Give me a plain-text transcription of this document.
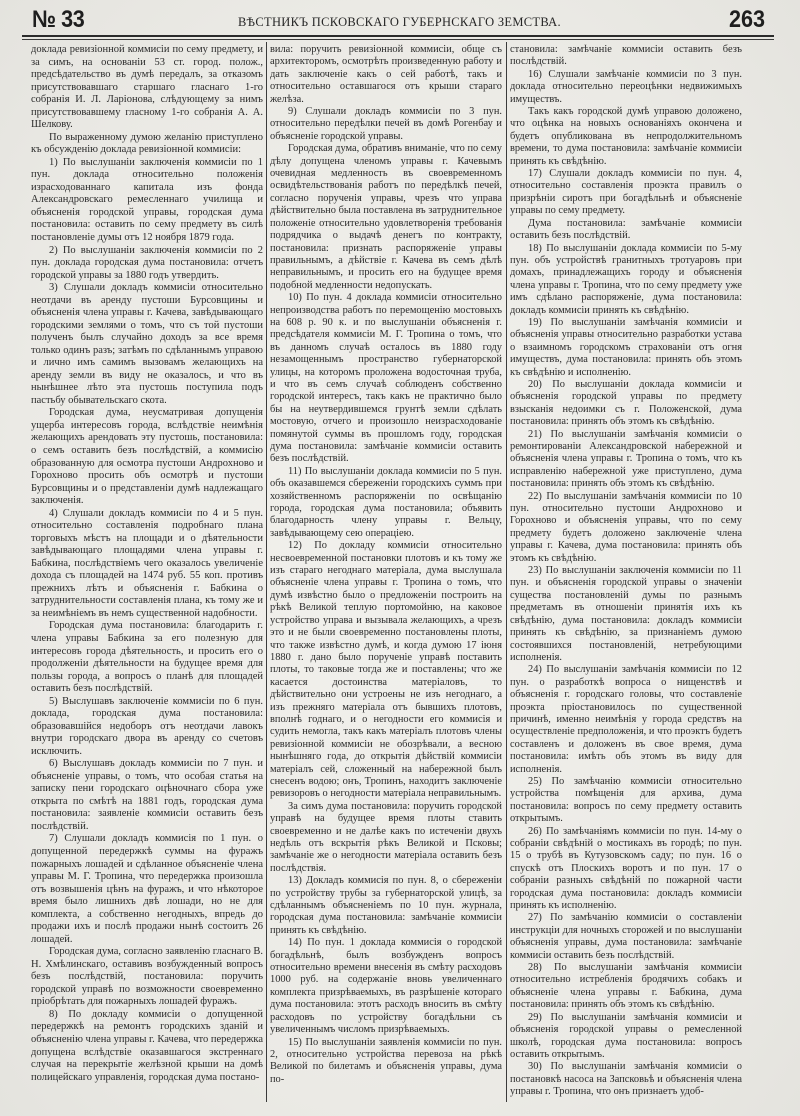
№ 33	ВѢСТНИКЪ ПСКОВСКАГО ГУБЕРНСКАГО ЗЕМСТВА.	263

доклада ревизіонной коммисіи по сему предмету, и за симъ, на основаніи 53 ст. город. полож., предсѣдательство въ думѣ передалъ, за отказомъ присутствовавшаго старшаго гласнаго 1-го собранія И. Л. Ларіонова, слѣдующему за нимъ присутствовавшему гласному 1-го собранія А. А. Шелкову.

По выраженному думою желанію приступлено къ обсужденію доклада ревизіонной коммисіи:

1) По выслушаніи заключенія коммисіи по 1 пун. доклада относительно положенія израсходованнаго капитала изъ фонда Александровскаго ремесленнаго училища и объясненія городской управы, городская дума постановила: оставить по сему предмету въ силѣ постановленіе думы отъ 12 ноября 1879 года.

2) По выслушаніи заключенія коммисіи по 2 пун. доклада городская дума постановила: отчетъ городской управы за 1880 годъ утвердить.

3) Слушали докладъ коммисіи относительно неотдачи въ аренду пустоши Бурсовщины и объясненія члена управы г. Качева, завѣдывающаго городскими землями о томъ, что съ той пустоши полученъ былъ случайно доходъ за все время только одинъ разъ; затѣмъ по сдѣланнымъ управою и лично имъ самимъ вызовамъ желающихъ на аренду земли въ виду не оказалось, и что въ нынѣшнее лѣто эта пустошь поступила подъ пастьбу обывательскаго скота.

Городская дума, неусматривая допущенія ущерба интересовъ города, вслѣдствіе неимѣнія желающихъ арендовать эту пустошь, постановила: о семъ оставить безъ послѣдствій, а коммисію образованную для осмотра пустоши Андрохново и Горохново просить объ осмотрѣ и пустоши Бурсовщины и о представленіи думѣ надлежащаго заключенія.

4) Слушали докладъ коммисіи по 4 и 5 пун. относительно составленія подробнаго плана торговыхъ мѣстъ на площади и о дѣятельности завѣдывающаго площадями члена управы г. Бабкина, послѣдствіемъ чего оказалось увеличеніе дохода съ площадей на 1474 руб. 55 коп. противъ прежнихъ лѣтъ и объясненія г. Бабкина о затруднительности составленія плана, къ тому же и за неимѣніемъ въ немъ существенной надобности.

Городская дума постановила: благодарить г. члена управы Бабкина за его полезную для интересовъ города дѣятельность, и просить его о продолженіи дѣятельности на будущее время для пользы города, а вопросъ о планѣ для площадей оставить безъ послѣдствій.

5) Выслушавъ заключеніе коммисіи по 6 пун. доклада, городская дума постановила: образовавшійся недоборъ отъ неотдачи лавокъ внутри городскаго двора въ аренду со счетовъ исключить.

6) Выслушавъ докладъ коммисіи по 7 пун. и объясненіе управы, о томъ, что особая статья на записку пени городскаго оцѣночнаго сбора уже открыта по смѣтѣ на 1881 годъ, городская дума постановила: заявленіе коммисіи оставить безъ послѣдствій.

7) Слушали докладъ коммисія по 1 пун. о допущенной передержкѣ суммы на фуражъ пожарныхъ лошадей и сдѣланное объясненіе члена управы М. Г. Тропина, что передержка произошла отъ возвышенія цѣнъ на фуражъ, и что нѣкоторое время было лишнихъ двѣ лошади, но не для комплекта, а собственно негодныхъ, впредь до продажи ихъ и послѣ продажи нынѣ состоитъ 26 лошадей.

Городская дума, согласно заявленію гласнаго В. Н. Хмѣлинскаго, оставивъ возбужденный вопросъ безъ послѣдствій, постановила: поручить городской управѣ по возможности своевременно пріобрѣтать для пожарныхъ лошадей фуражъ.

8) По докладу коммисіи о допущенной передержкѣ на ремонтъ городскихъ зданій и объясненію члена управы г. Качева, что передержка допущена вслѣдствіе оказавшагося экстреннаго случая на перекрытіе желѣзной крыши на домѣ полицейскаго управленія, городская дума постано-

вила: поручить ревизіонной коммисіи, обще съ архитекторомъ, осмотрѣть произведенную работу и дать заключеніе какъ о сей работѣ, такъ и относительно оставшагося отъ крыши стараго желѣза.

9) Слушали докладъ коммисіи по 3 пун. относительно передѣлки печей въ домѣ Рогенбау и объясненіе городской управы.

Городская дума, обративъ вниманіе, что по сему дѣлу допущена членомъ управы г. Качевымъ очевидная медленность въ своевременномъ освидѣтельствованія работъ по передѣлкѣ печей, согласно порученія управы, чрезъ что управа дѣйствительно была поставлена въ затруднительное положеніе относительно удовлетворенія требованія подрядчика о выдачѣ денегъ по контракту, постановила: признать распоряженіе управы правильнымъ, а дѣйствіе г. Качева въ семъ дѣлѣ неправильнымъ, и просить его на будущее время подобной медленности недопускать.

10) По пун. 4 доклада коммисіи относительно непроизводства работъ по перемощенію мостовыхъ на 608 р. 90 к. и по выслушаніи объясненія г. предсѣдателя коммисіи М. Г. Тропина о томъ, что въ данномъ случаѣ осталось въ 1880 году незамощеннымъ пространство губернаторской улицы, на которомъ проложена водосточная труба, и что въ семъ случаѣ соблюденъ собственно городской интересъ, такъ какъ не практично было бы на неутвердившемся грунтѣ земли сдѣлать мостовую, отчего и произошло неизрасходованіе помянутой суммы въ прошломъ году, городская дума постановила: замѣчаніе коммисіи оставить безъ послѣдствій.

11) По выслушаніи доклада коммисіи по 5 пун. объ оказавшемся сбереженіи городскихъ суммъ при хозяйственномъ распоряженіи по освѣщанію города, городская дума постановила; объявить благодарность члену управы г. Вельцу, завѣдывающему сею операціею.

12) По докладу коммисіи относительно несвоевременной постановки плотовъ и къ тому же изъ стараго негоднаго матеріала, дума выслушала объясненіе члена управы г. Тропина о томъ, что думѣ извѣстно было о предложеніи построить на рѣкѣ Великой теплую портомойню, на каковое устройство управа и вызывала желающихъ, а чрезъ это и не были своевременно постановлены плоты, что также извѣстно думѣ, и когда думою 17 іюня 1880 г. дано было порученіе управѣ поставить плоты, то таковые тогда же и поставлены; что же касается достоинства матеріаловъ, то дѣйствительно они устроены не изъ негоднаго, а изъ прежняго матеріала отъ бывшихъ плотовъ, вполнѣ годнаго, и о негодности его коммисія и судить немогла, такъ какъ матеріалъ плотовъ члены ревизіонной коммисіи не обозрѣвали, а весною нынѣшняго года, до открытія дѣйствій коммисіи матеріалъ сей, сложенный на набережной былъ снесенъ водою; онъ, Тропинъ, находитъ заключеніе ревизоровъ о негодности матеріала неправильнымъ.

За симъ дума постановила: поручить городской управѣ на будущее время плоты ставить своевременно и не далѣе какъ по истеченіи двухъ недѣль отъ вскрытія рѣкъ Великой и Псковы; замѣчаніе же о негодности матеріала оставить безъ послѣдствія.

13) Докладъ коммисія по пун. 8, о сбереженіи по устройству трубы за губернаторской улицѣ, за сдѣланнымъ объясненіемъ по 10 пун. журнала, городская дума постановила: замѣчаніе коммисіи принять къ свѣдѣнію.

14) По пун. 1 доклада коммисія о городской богадѣльнѣ, былъ возбужденъ вопросъ относительно времени внесенія въ смѣту расходовъ 1000 руб. на содержаніе вновь увеличеннаго комплекта призрѣваемыхъ, въ разрѣшеніе котораго дума постановила: этотъ расходъ вносить въ смѣту расходовъ по устройству богадѣльни съ увеличеннымъ числомъ призрѣваемыхъ.

15) По выслушаніи заявленія коммисіи по пун. 2, относительно устройства перевоза на рѣкѣ Великой по билетамъ и объясненія управы, дума по-

становила: замѣчаніе коммисіи оставить безъ послѣдствій.

16) Слушали замѣчаніе коммисіи по 3 пун. доклада относительно переоцѣнки недвижимыхъ имуществъ.

Такъ какъ городской думѣ управою доложено, что оцѣнка на новыхъ основаніяхъ окончена и будетъ опубликована въ непродолжительномъ времени, то дума постановила: замѣчаніе коммисіи принять къ свѣдѣнію.

17) Слушали докладъ коммисіи по пун. 4, относительно составленія проэкта правилъ о призрѣніи сиротъ при богадѣльнѣ и объясненіе управы по сему предмету.

Дума постановила: замѣчаніе коммисіи оставить безъ послѣдствій.

18) По выслушаніи доклада коммисіи по 5-му пун. объ устройствѣ гранитныхъ тротуаровъ при домахъ, принадлежащихъ городу и объясненія члена управы г. Тропина, что по сему предмету уже имъ сдѣлано распоряженіе, дума постановила: докладъ коммисіи принять къ свѣдѣнію.

19) По выслушаніи замѣчанія коммисіи и объясненія управы относительно разработки устава о взаимномъ городскомъ страхованіи отъ огня имуществъ, дума постановила: принять объ этомъ къ свѣдѣнію и исполненію.

20) По выслушаніи доклада коммисіи и объясненія городской управы по предмету взысканія недоимки съ г. Положенской, дума постановила: принять объ этомъ къ свѣдѣнію.

21) По выслушаніи замѣчанія коммисіи о ремонтированіи Александровской набережной и объясненія члена управы г. Тропина о томъ, что къ исправленію набережной уже приступлено, дума постановила: принять объ этомъ къ свѣдѣнію.

22) По выслушаніи замѣчанія коммисіи по 10 пун. относительно пустоши Андрохново и Горохново и объясненія управы, что по сему предмету будетъ доложено заключеніе члена управы г. Качева, дума постановила: принять объ этомъ къ свѣдѣнію.

23) По выслушаніи заключенія коммисіи по 11 пун. и объясненія городской управы о значеніи существа постановленій думы по разнымъ предметамъ въ отношеніи принятія ихъ къ свѣдѣнію, дума постановила: докладъ коммисіи принять къ свѣдѣнію, за признаніемъ думою состоявшихся постановленій, нетребующими исполненія.

24) По выслушаніи замѣчанія коммисіи по 12 пун. о разработкѣ вопроса о нищенствѣ и объясненія г. городскаго головы, что составленіе проэкта пріостановилось по существенной причинѣ, именно неимѣнія у города средствъ на осуществленіе предположенія, и что проэктъ будетъ составленъ и доложенъ въ свое время, дума постановила: имѣть объ этомъ въ виду для исполненія.

25) По замѣчанію коммисіи относительно устройства помѣщенія для архива, дума постановила: вопросъ по сему предмету оставить открытымъ.

26) По замѣчаніямъ коммисіи по пун. 14-му о собраніи свѣдѣній о мостикахъ въ городѣ; по пун. 15 о трубѣ въ Кутузовскомъ саду; по пун. 16 о спускѣ отъ Плоскихъ воротъ и по пун. 17 о собраніи разныхъ свѣдѣній по пожарной части городская дума постановила: докладъ коммисіи принять къ исполненію.

27) По замѣчанію коммисіи о составленіи инструкціи для ночныхъ сторожей и по выслушаніи объясненія управы, дума постановила: замѣчаніе коммисіи оставить безъ послѣдствій.

28) По выслушаніи замѣчанія коммисіи относительно истребленія бродячихъ собакъ и объясненіе члена управы г. Бабкина, дума постановила: принять объ этомъ къ свѣдѣнію.

29) По выслушаніи замѣчанія коммисіи и объясненія городской управы о ремесленной школѣ, городская дума постановила: вопросъ оставить открытымъ.

30) По выслушаніи замѣчанія коммисіи о постановкѣ насоса на Запсковьѣ и объясненія члена управы г. Тропина, что онъ признаетъ удоб-
